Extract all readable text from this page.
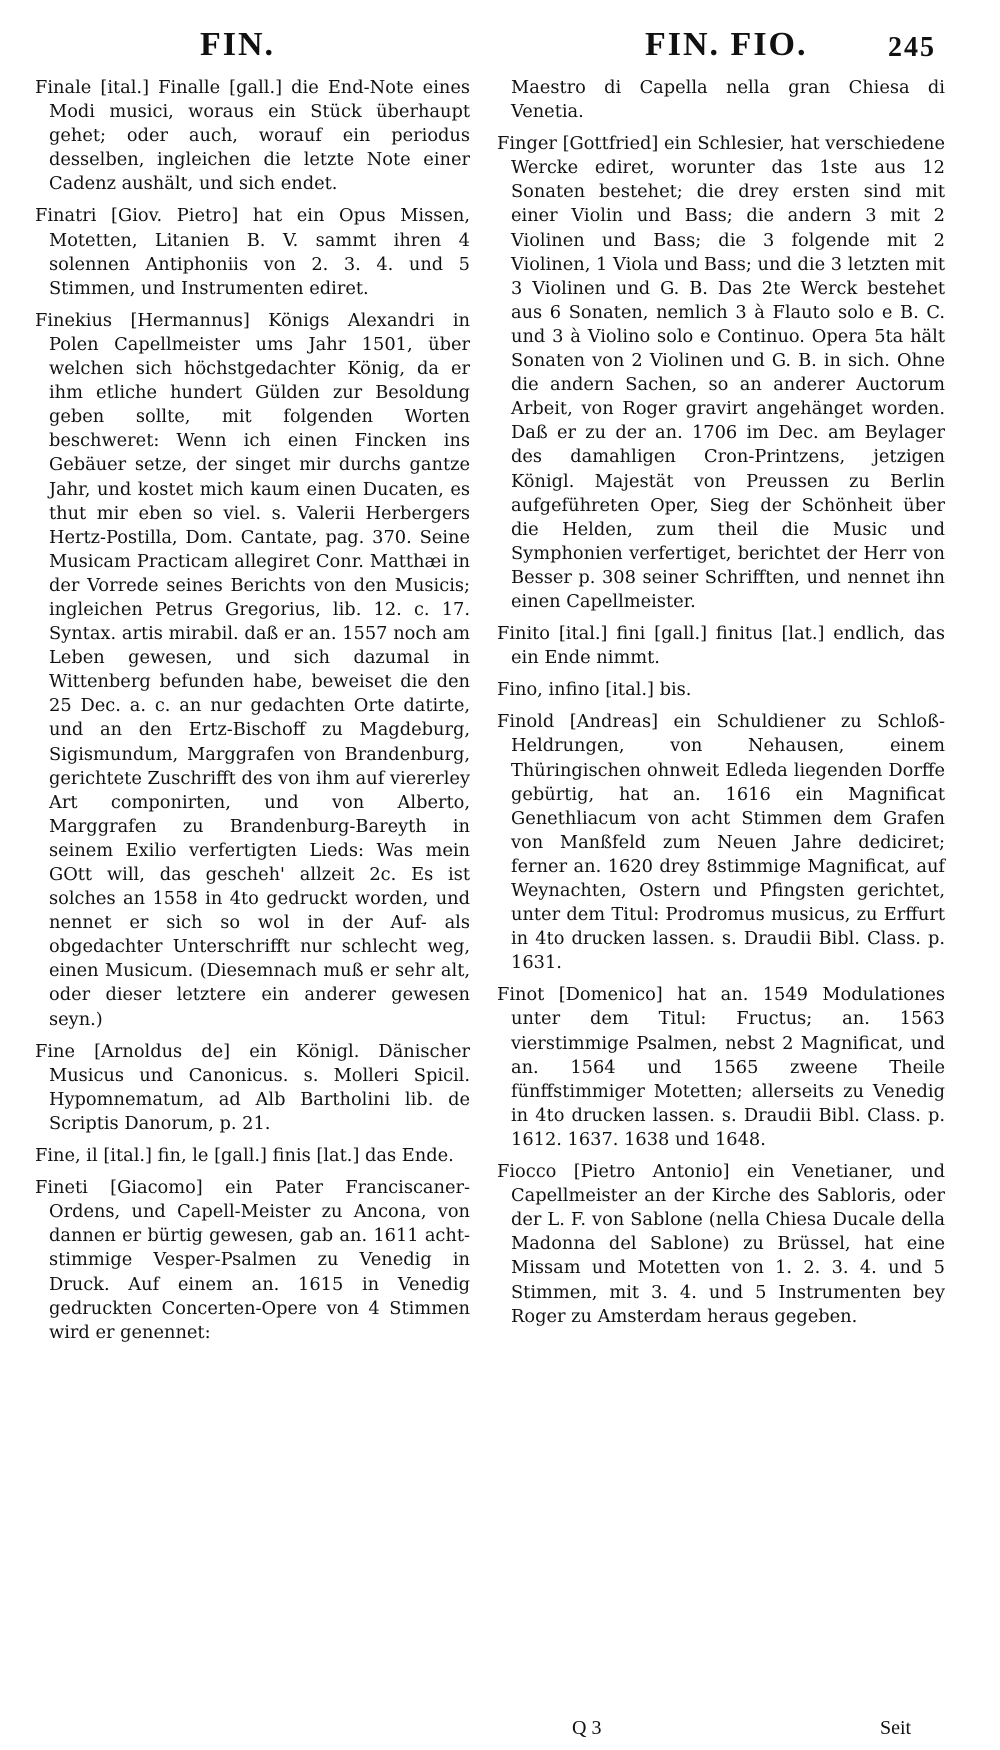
FIN.	FIN. FIO.	245

Finale [ital.] Finalle [gall.] die End-Note eines Modi musici, woraus ein Stück überhaupt gehet; oder auch, worauf ein periodus desselben, ingleichen die letzte Note einer Cadenz aushält, und sich endet.

Finatri [Giov. Pietro] hat ein Opus Missen, Motetten, Litanien B. V. sammt ihren 4 solennen Antiphoniis von 2. 3. 4. und 5 Stimmen, und Instrumenten ediret.

Finekius [Hermannus] Königs Alexandri in Polen Capellmeister ums Jahr 1501, über welchen sich höchstgedachter König, da er ihm etliche hundert Gülden zur Besoldung geben sollte, mit folgenden Worten beschweret: Wenn ich einen Fincken ins Gebäuer setze, der singet mir durchs gantze Jahr, und kostet mich kaum einen Ducaten, es thut mir eben so viel. s. Valerii Herbergers Hertz-Postilla, Dom. Cantate, pag. 370. Seine Musicam Practicam allegiret Conr. Matthæi in der Vorrede seines Berichts von den Musicis; ingleichen Petrus Gregorius, lib. 12. c. 17. Syntax. artis mirabil. daß er an. 1557 noch am Leben gewesen, und sich dazumal in Wittenberg befunden habe, beweiset die den 25 Dec. a. c. an nur gedachten Orte datirte, und an den Ertz-Bischoff zu Magdeburg, Sigismundum, Marggrafen von Brandenburg, gerichtete Zuschrifft des von ihm auf viererley Art componirten, und von Alberto, Marggrafen zu Brandenburg-Bareyth in seinem Exilio verfertigten Lieds: Was mein GOtt will, das gescheh' allzeit 2c. Es ist solches an 1558 in 4to gedruckt worden, und nennet er sich so wol in der Auf- als obgedachter Unterschrifft nur schlecht weg, einen Musicum. (Diesemnach muß er sehr alt, oder dieser letztere ein anderer gewesen seyn.)

Fine [Arnoldus de] ein Königl. Dänischer Musicus und Canonicus. s. Molleri Spicil. Hypomnematum, ad Alb Bartholini lib. de Scriptis Danorum, p. 21.

Fine, il [ital.] fin, le [gall.] finis [lat.] das Ende.

Fineti [Giacomo] ein Pater Franciscaner-Ordens, und Capell-Meister zu Ancona, von dannen er bürtig gewesen, gab an. 1611 acht-stimmige Vesper-Psalmen zu Venedig in Druck. Auf einem an. 1615 in Venedig gedruckten Concerten-Opere von 4 Stimmen wird er genennet:

Maestro di Capella nella gran Chiesa di Venetia.

Finger [Gottfried] ein Schlesier, hat verschiedene Wercke ediret, worunter das 1ste aus 12 Sonaten bestehet; die drey ersten sind mit einer Violin und Bass; die andern 3 mit 2 Violinen und Bass; die 3 folgende mit 2 Violinen, 1 Viola und Bass; und die 3 letzten mit 3 Violinen und G. B. Das 2te Werck bestehet aus 6 Sonaten, nemlich 3 à Flauto solo e B. C. und 3 à Violino solo e Continuo. Opera 5ta hält Sonaten von 2 Violinen und G. B. in sich. Ohne die andern Sachen, so an anderer Auctorum Arbeit, von Roger gravirt angehänget worden. Daß er zu der an. 1706 im Dec. am Beylager des damahligen Cron-Printzens, jetzigen Königl. Majestät von Preussen zu Berlin aufgeführeten Oper, Sieg der Schönheit über die Helden, zum theil die Music und Symphonien verfertiget, berichtet der Herr von Besser p. 308 seiner Schrifften, und nennet ihn einen Capellmeister.

Finito [ital.] fini [gall.] finitus [lat.] endlich, das ein Ende nimmt.

Fino, infino [ital.] bis.

Finold [Andreas] ein Schuldiener zu Schloß-Heldrungen, von Nehausen, einem Thüringischen ohnweit Edleda liegenden Dorffe gebürtig, hat an. 1616 ein Magnificat Genethliacum von acht Stimmen dem Grafen von Manßfeld zum Neuen Jahre dediciret; ferner an. 1620 drey 8stimmige Magnificat, auf Weynachten, Ostern und Pfingsten gerichtet, unter dem Titul: Prodromus musicus, zu Erffurt in 4to drucken lassen. s. Draudii Bibl. Class. p. 1631.

Finot [Domenico] hat an. 1549 Modulationes unter dem Titul: Fructus; an. 1563 vierstimmige Psalmen, nebst 2 Magnificat, und an. 1564 und 1565 zweene Theile fünffstimmiger Motetten; allerseits zu Venedig in 4to drucken lassen. s. Draudii Bibl. Class. p. 1612. 1637. 1638 und 1648.

Fiocco [Pietro Antonio] ein Venetianer, und Capellmeister an der Kirche des Sabloris, oder der L. F. von Sablone (nella Chiesa Ducale della Madonna del Sablone) zu Brüssel, hat eine Missam und Motetten von 1. 2. 3. 4. und 5 Stimmen, mit 3. 4. und 5 Instrumenten bey Roger zu Amsterdam heraus gegeben.

Q 3	Seit
